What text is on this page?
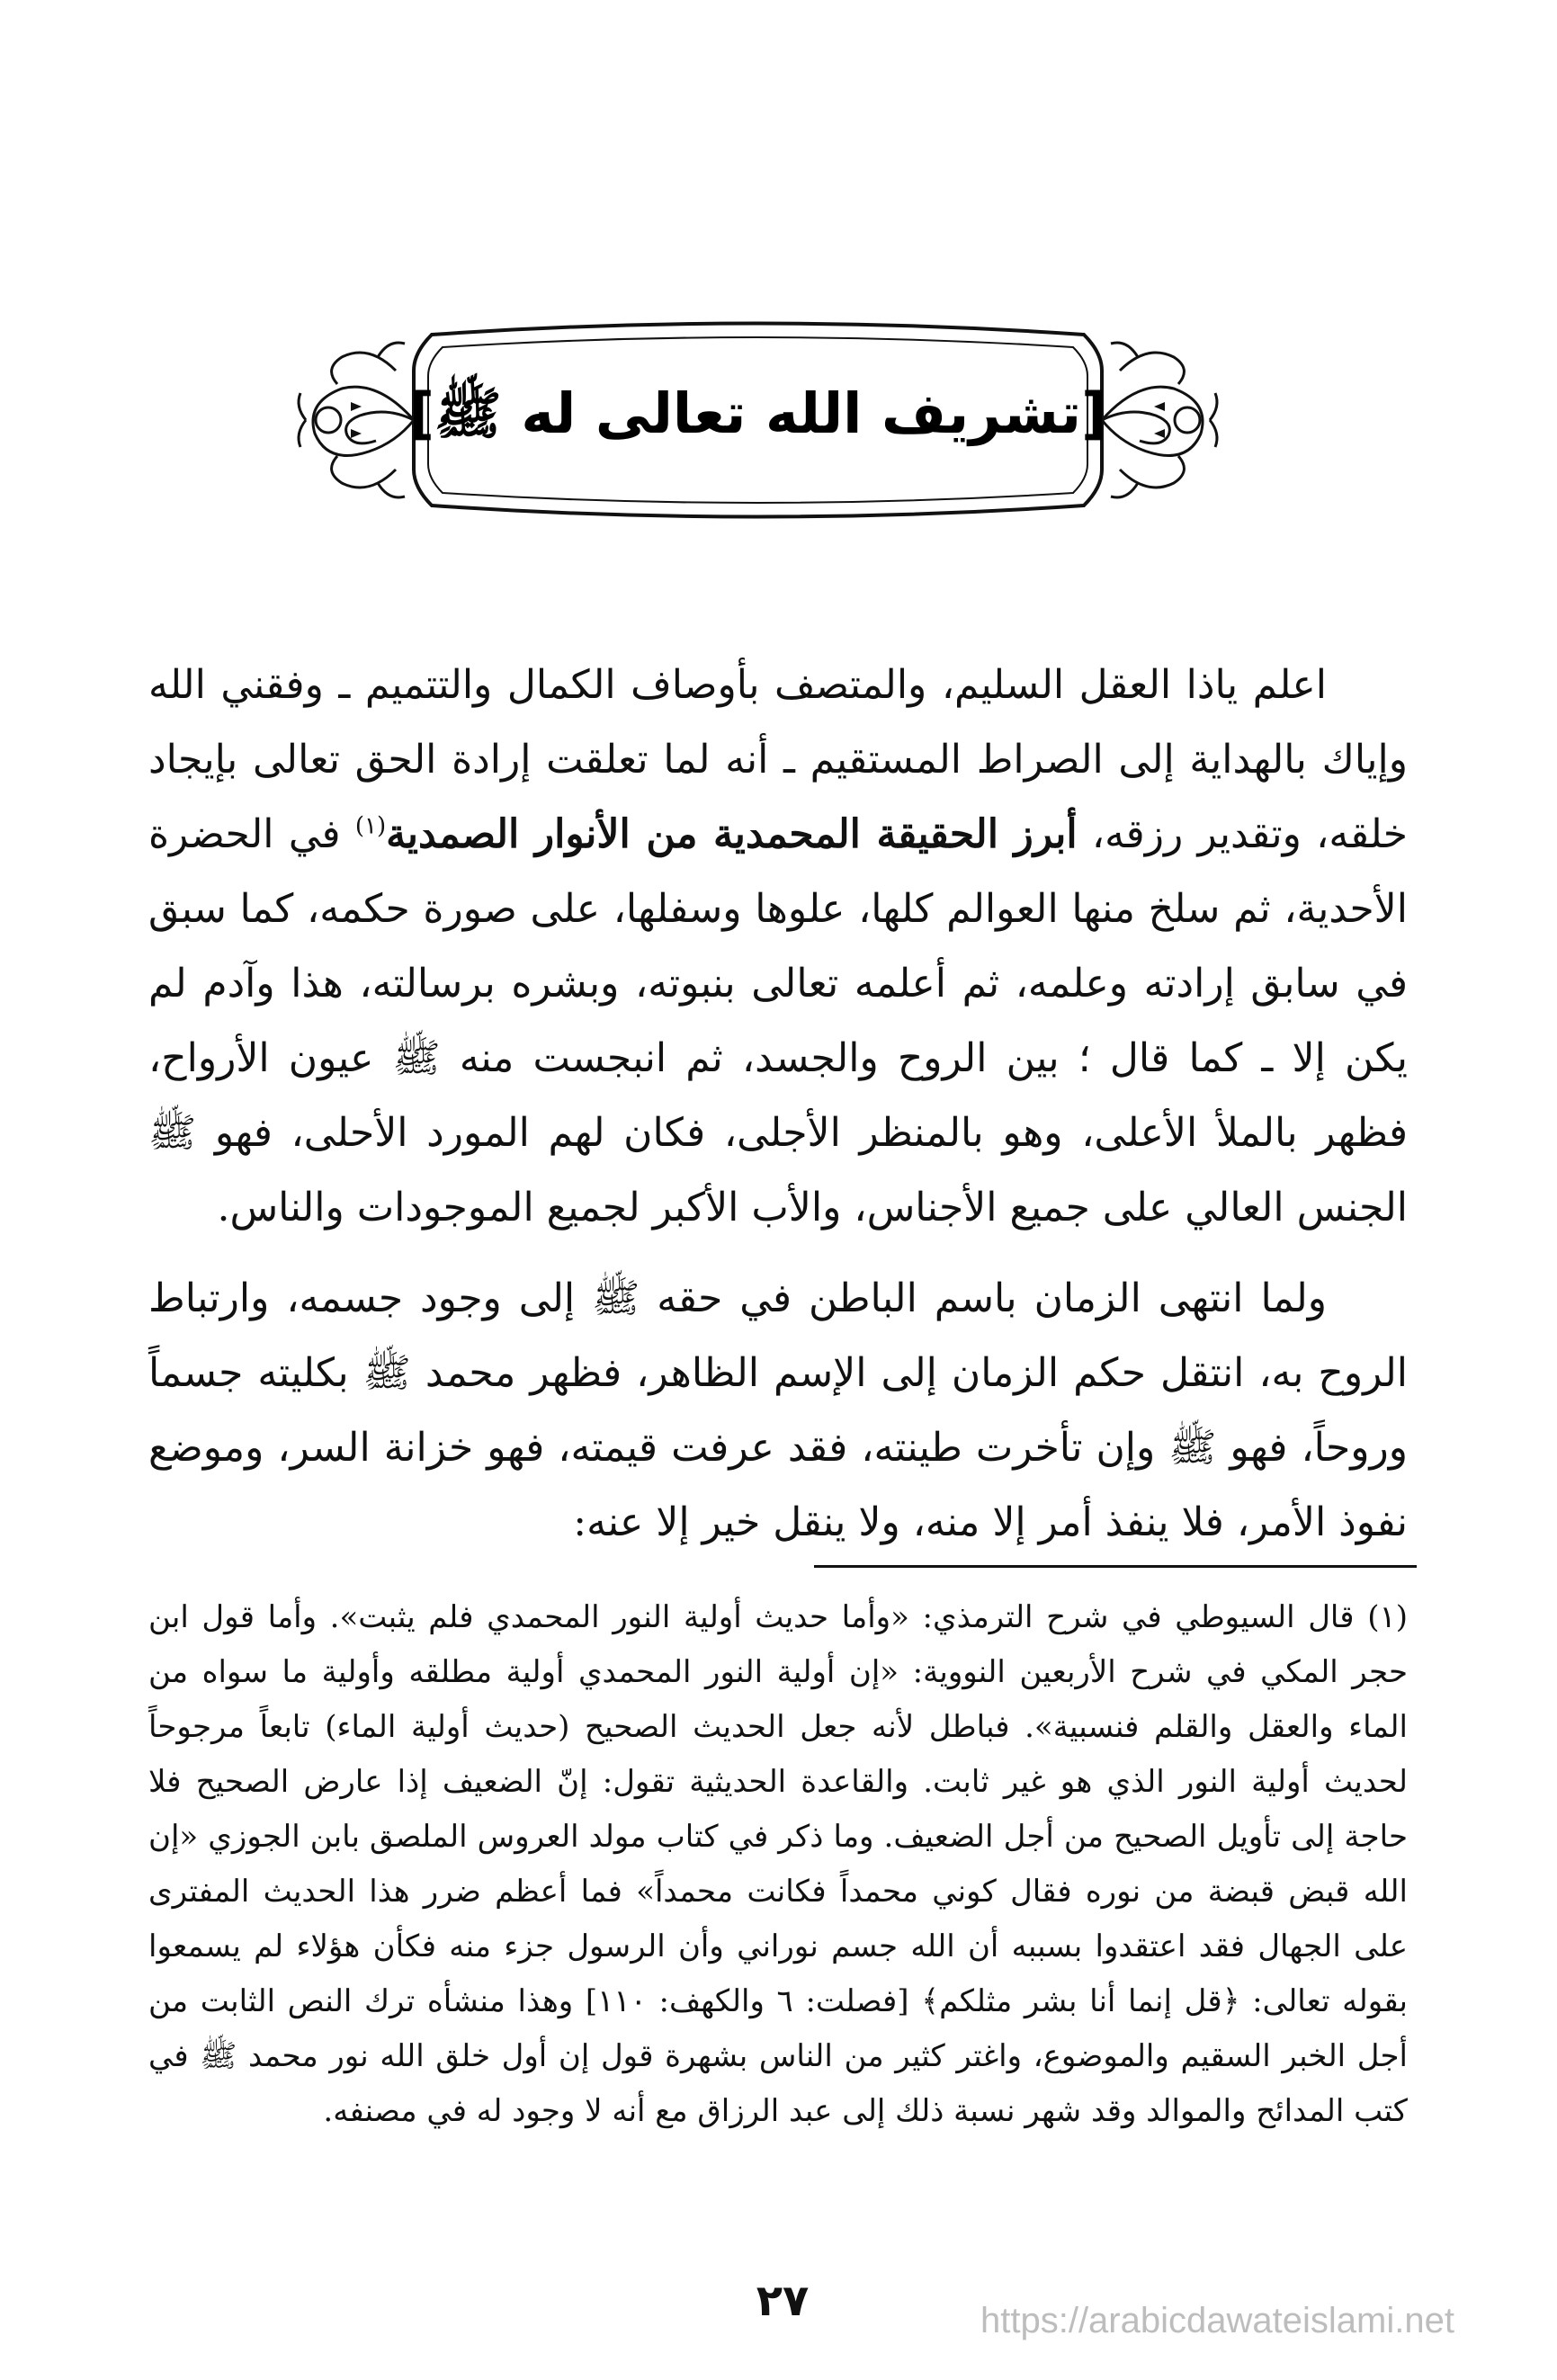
[تشريف الله تعالى له ﷺ]

اعلم ياذا العقل السليم، والمتصف بأوصاف الكمال والتتميم ـ وفقني الله وإياك بالهداية إلى الصراط المستقيم ـ أنه لما تعلقت إرادة الحق تعالى بإيجاد خلقه، وتقدير رزقه، أبرز الحقيقة المحمدية من الأنوار الصمدية$^{(١)}$ في الحضرة الأحدية، ثم سلخ منها العوالم كلها، علوها وسفلها، على صورة حكمه، كما سبق في سابق إرادته وعلمه، ثم أعلمه تعالى بنبوته، وبشره برسالته، هذا وآدم لم يكن إلا ـ كما قال ؛ بين الروح والجسد، ثم انبجست منه ﷺ عيون الأرواح، فظهر بالملأ الأعلى، وهو بالمنظر الأجلى، فكان لهم المورد الأحلى، فهو ﷺ الجنس العالي على جميع الأجناس، والأب الأكبر لجميع الموجودات والناس.

ولما انتهى الزمان باسم الباطن في حقه ﷺ إلى وجود جسمه، وارتباط الروح به، انتقل حكم الزمان إلى الإسم الظاهر، فظهر محمد ﷺ بكليته جسماً وروحاً، فهو ﷺ وإن تأخرت طينته، فقد عرفت قيمته، فهو خزانة السر، وموضع نفوذ الأمر، فلا ينفذ أمر إلا منه، ولا ينقل خير إلا عنه:

(١) قال السيوطي في شرح الترمذي: «وأما حديث أولية النور المحمدي فلم يثبت». وأما قول ابن حجر المكي في شرح الأربعين النووية: «إن أولية النور المحمدي أولية مطلقه وأولية ما سواه من الماء والعقل والقلم فنسبية». فباطل لأنه جعل الحديث الصحيح (حديث أولية الماء) تابعاً مرجوحاً لحديث أولية النور الذي هو غير ثابت. والقاعدة الحديثية تقول: إنّ الضعيف إذا عارض الصحيح فلا حاجة إلى تأويل الصحيح من أجل الضعيف. وما ذكر في كتاب مولد العروس الملصق بابن الجوزي «إن الله قبض قبضة من نوره فقال كوني محمداً فكانت محمداً» فما أعظم ضرر هذا الحديث المفترى على الجهال فقد اعتقدوا بسببه أن الله جسم نوراني وأن الرسول جزء منه فكأن هؤلاء لم يسمعوا بقوله تعالى: ﴿قل إنما أنا بشر مثلكم﴾ [فصلت: ٦ والكهف: ١١٠] وهذا منشأه ترك النص الثابت من أجل الخبر السقيم والموضوع، واغتر كثير من الناس بشهرة قول إن أول خلق الله نور محمد ﷺ في كتب المدائح والموالد وقد شهر نسبة ذلك إلى عبد الرزاق مع أنه لا وجود له في مصنفه.

٢٧	https://arabicdawateislami.net
